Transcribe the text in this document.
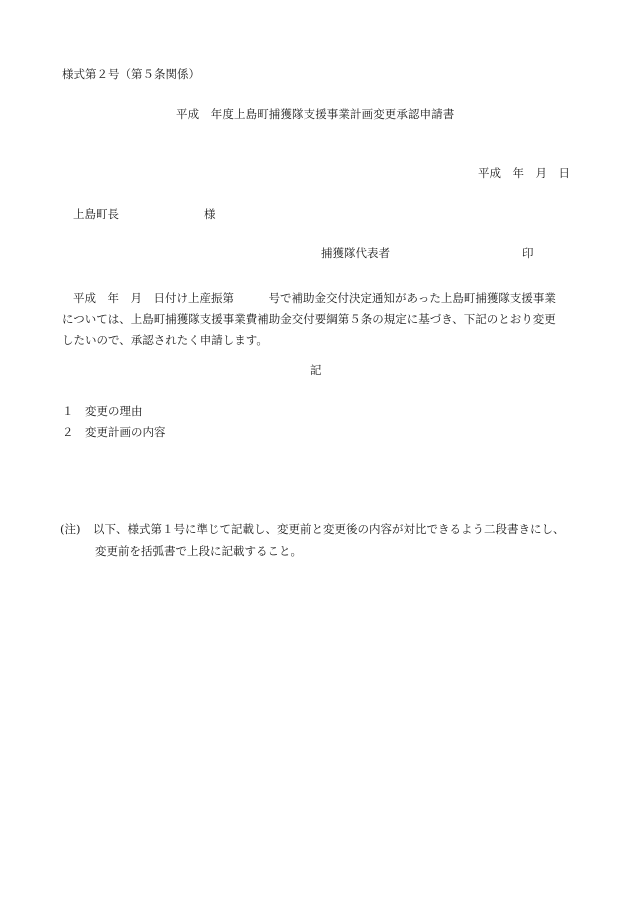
様式第２号（第５条関係）
平成　年度上島町捕獲隊支援事業計画変更承認申請書
平成　年　月　日
上島町長	様
捕獲隊代表者	印
平成　年　月　日付け上産振第　　　号で補助金交付決定通知があった上島町捕獲隊支援事業
については、上島町捕獲隊支援事業費補助金交付要綱第５条の規定に基づき、下記のとおり変更
したいので、承認されたく申請します。
記
１　変更の理由
２　変更計画の内容
(注) 以下、様式第１号に準じて記載し、変更前と変更後の内容が対比できるよう二段書きにし、
変更前を括弧書で上段に記載すること。
